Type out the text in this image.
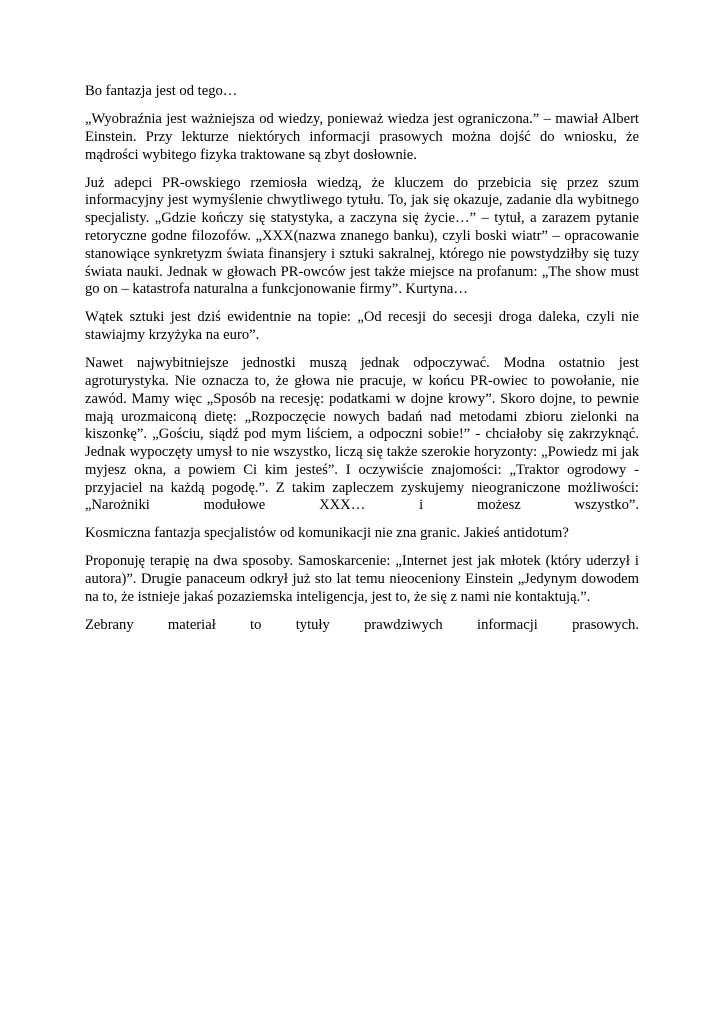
Bo fantazja jest od tego…

„Wyobraźnia jest ważniejsza od wiedzy, ponieważ wiedza jest ograniczona.” – mawiał Albert Einstein. Przy lekturze niektórych informacji prasowych można dojść do wniosku, że mądrości wybitego fizyka traktowane są zbyt dosłownie.

Już adepci PR-owskiego rzemiosła wiedzą, że kluczem do przebicia się przez szum informacyjny jest wymyślenie chwytliwego tytułu. To, jak się okazuje, zadanie dla wybitnego specjalisty. „Gdzie kończy się statystyka, a zaczyna się życie…” – tytuł, a zarazem pytanie retoryczne godne filozofów. „XXX(nazwa znanego banku), czyli boski wiatr” – opracowanie stanowiące synkretyzm świata finansjery i sztuki sakralnej, którego nie powstydziłby się tuzy świata nauki. Jednak w głowach PR-owców jest także miejsce na profanum: „The show must go on – katastrofa naturalna a funkcjonowanie firmy”. Kurtyna…

Wątek sztuki jest dziś ewidentnie na topie: „Od recesji do secesji droga daleka, czyli nie stawiajmy krzyżyka na euro”.

Nawet najwybitniejsze jednostki muszą jednak odpoczywać. Modna ostatnio jest agroturystyka. Nie oznacza to, że głowa nie pracuje, w końcu PR-owiec to powołanie, nie zawód. Mamy więc „Sposób na recesję: podatkami w dojne krowy”. Skoro dojne, to pewnie mają urozmaiconą dietę: „Rozpoczęcie nowych badań nad metodami zbioru zielonki na kiszonkę”. „Gościu, siądź pod mym liściem, a odpoczni sobie!” - chciałoby się zakrzyknąć. Jednak wypoczęty umysł to nie wszystko, liczą się także szerokie horyzonty: „Powiedz mi jak myjesz okna, a powiem Ci kim jesteś”. I oczywiście znajomości: „Traktor ogrodowy - przyjaciel na każdą pogodę.”. Z takim zapleczem zyskujemy nieograniczone możliwości: „Narożniki modułowe XXX… i możesz wszystko”.

Kosmiczna fantazja specjalistów od komunikacji nie zna granic. Jakieś antidotum?

Proponuję terapię na dwa sposoby. Samoskarcenie: „Internet jest jak młotek (który uderzył i autora)”. Drugie panaceum odkrył już sto lat temu nieoceniony Einstein „Jedynym dowodem na to, że istnieje jakaś pozaziemska inteligencja, jest to, że się z nami nie kontaktują.”.

Zebrany materiał to tytuły prawdziwych informacji prasowych.
